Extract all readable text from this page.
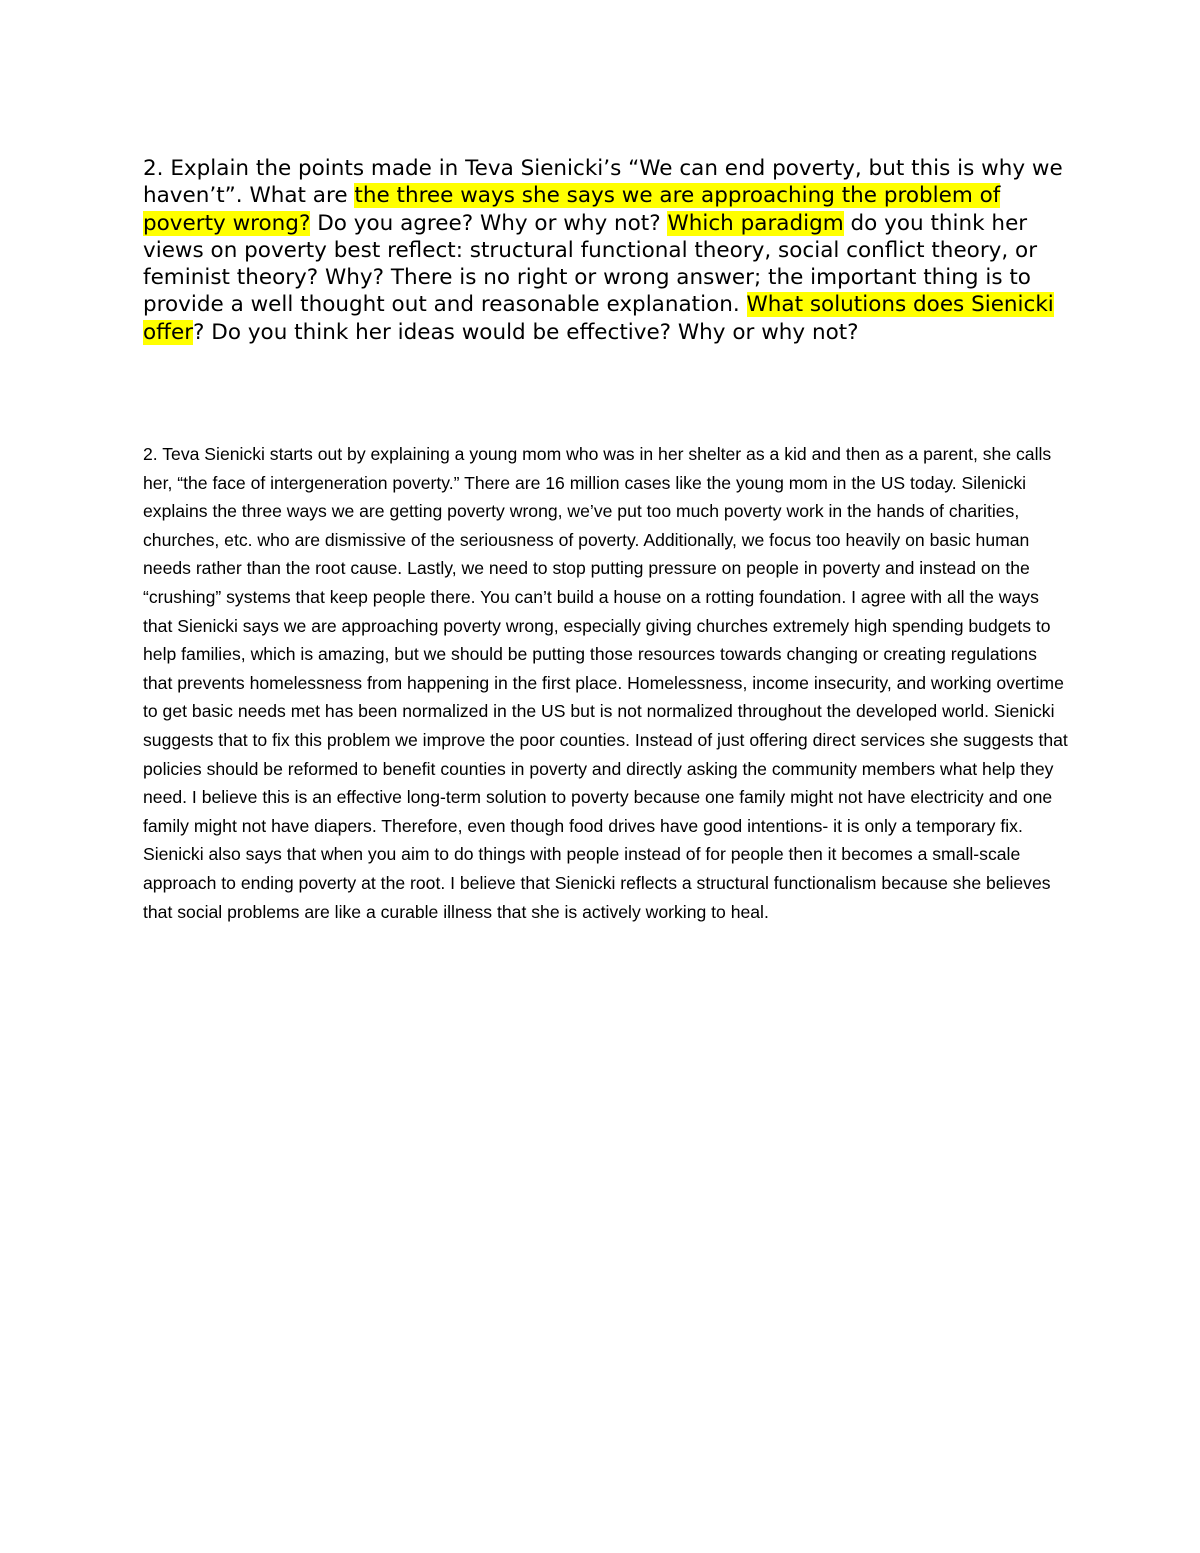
2. Explain the points made in Teva Sienicki’s “We can end poverty, but this is why we haven’t”. What are the three ways she says we are approaching the problem of poverty wrong? Do you agree? Why or why not? Which paradigm do you think her views on poverty best reflect: structural functional theory, social conflict theory, or feminist theory? Why? There is no right or wrong answer; the important thing is to provide a well thought out and reasonable explanation. What solutions does Sienicki offer? Do you think her ideas would be effective? Why or why not?

2. Teva Sienicki starts out by explaining a young mom who was in her shelter as a kid and then as a parent, she calls her, “the face of intergeneration poverty.” There are 16 million cases like the young mom in the US today. Silenicki explains the three ways we are getting poverty wrong, we’ve put too much poverty work in the hands of charities, churches, etc. who are dismissive of the seriousness of poverty. Additionally, we focus too heavily on basic human needs rather than the root cause. Lastly, we need to stop putting pressure on people in poverty and instead on the “crushing” systems that keep people there. You can’t build a house on a rotting foundation. I agree with all the ways that Sienicki says we are approaching poverty wrong, especially giving churches extremely high spending budgets to help families, which is amazing, but we should be putting those resources towards changing or creating regulations that prevents homelessness from happening in the first place. Homelessness, income insecurity, and working overtime to get basic needs met has been normalized in the US but is not normalized throughout the developed world. Sienicki suggests that to fix this problem we improve the poor counties. Instead of just offering direct services she suggests that policies should be reformed to benefit counties in poverty and directly asking the community members what help they need. I believe this is an effective long-term solution to poverty because one family might not have electricity and one family might not have diapers. Therefore, even though food drives have good intentions- it is only a temporary fix. Sienicki also says that when you aim to do things with people instead of for people then it becomes a small-scale approach to ending poverty at the root. I believe that Sienicki reflects a structural functionalism because she believes that social problems are like a curable illness that she is actively working to heal.
